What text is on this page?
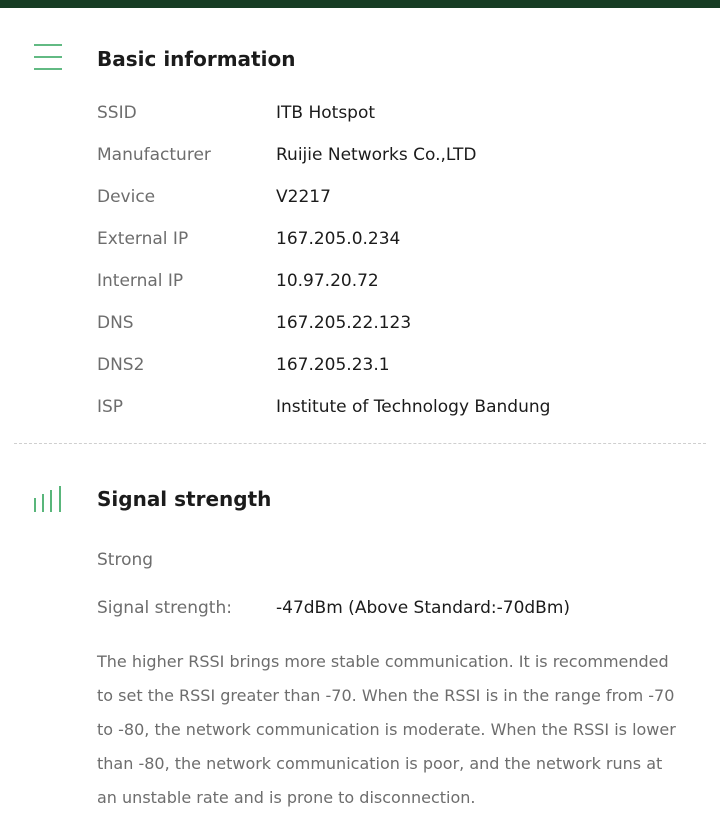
Basic information
SSID	ITB Hotspot
Manufacturer	Ruijie Networks Co.,LTD
Device	V2217
External IP	167.205.0.234
Internal IP	10.97.20.72
DNS	167.205.22.123
DNS2	167.205.23.1
ISP	Institute of Technology Bandung
Signal strength
Strong
Signal strength:	-47dBm (Above Standard:-70dBm)

The higher RSSI brings more stable communication. It is recommended to set the RSSI greater than -70. When the RSSI is in the range from -70 to -80, the network communication is moderate. When the RSSI is lower than -80, the network communication is poor, and the network runs at an unstable rate and is prone to disconnection.
